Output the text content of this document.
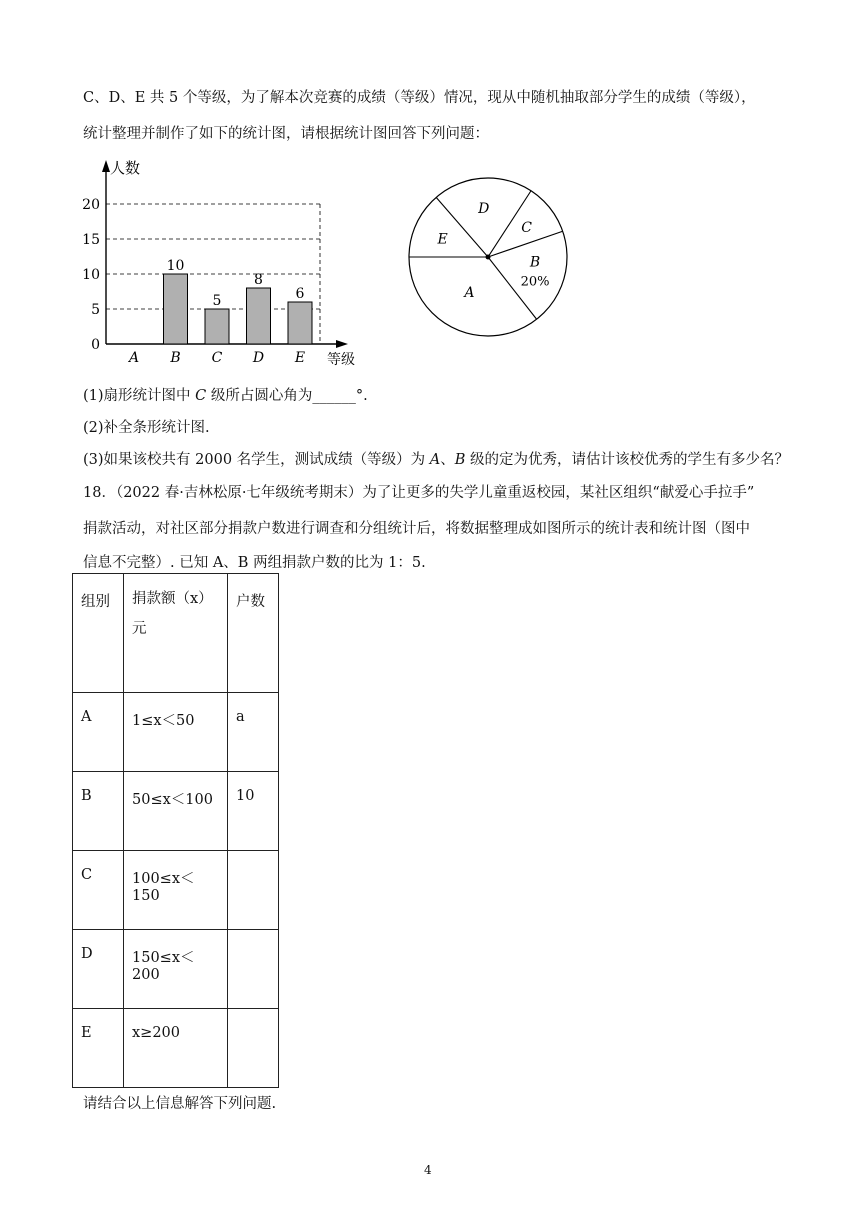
C、D、E 共 5 个等级，为了解本次竞赛的成绩（等级）情况，现从中随机抽取部分学生的成绩（等级），
统计整理并制作了如下的统计图，请根据统计图回答下列问题：
0
5
10
15
20
A B C D E
10
5
8
6
人数
等级
A
B
20%
C
D
E
(1)扇形统计图中 C 级所占圆心角为______°.
(2)补全条形统计图.
(3)如果该校共有 2000 名学生，测试成绩（等级）为 A、B 级的定为优秀，请估计该校优秀的学生有多少名？
18．（2022 春·吉林松原·七年级统考期末）为了让更多的失学儿童重返校园，某社区组织“献爱心手拉手”
捐款活动，对社区部分捐款户数进行调查和分组统计后，将数据整理成如图所示的统计表和统计图（图中
信息不完整）. 已知 A、B 两组捐款户数的比为 1：5.
组别	捐款额（x）元	户数
A	1≤x＜50	a
B	50≤x＜100	10
C	100≤x＜150	
D	150≤x＜200	
E	x≥200	
请结合以上信息解答下列问题.
4
